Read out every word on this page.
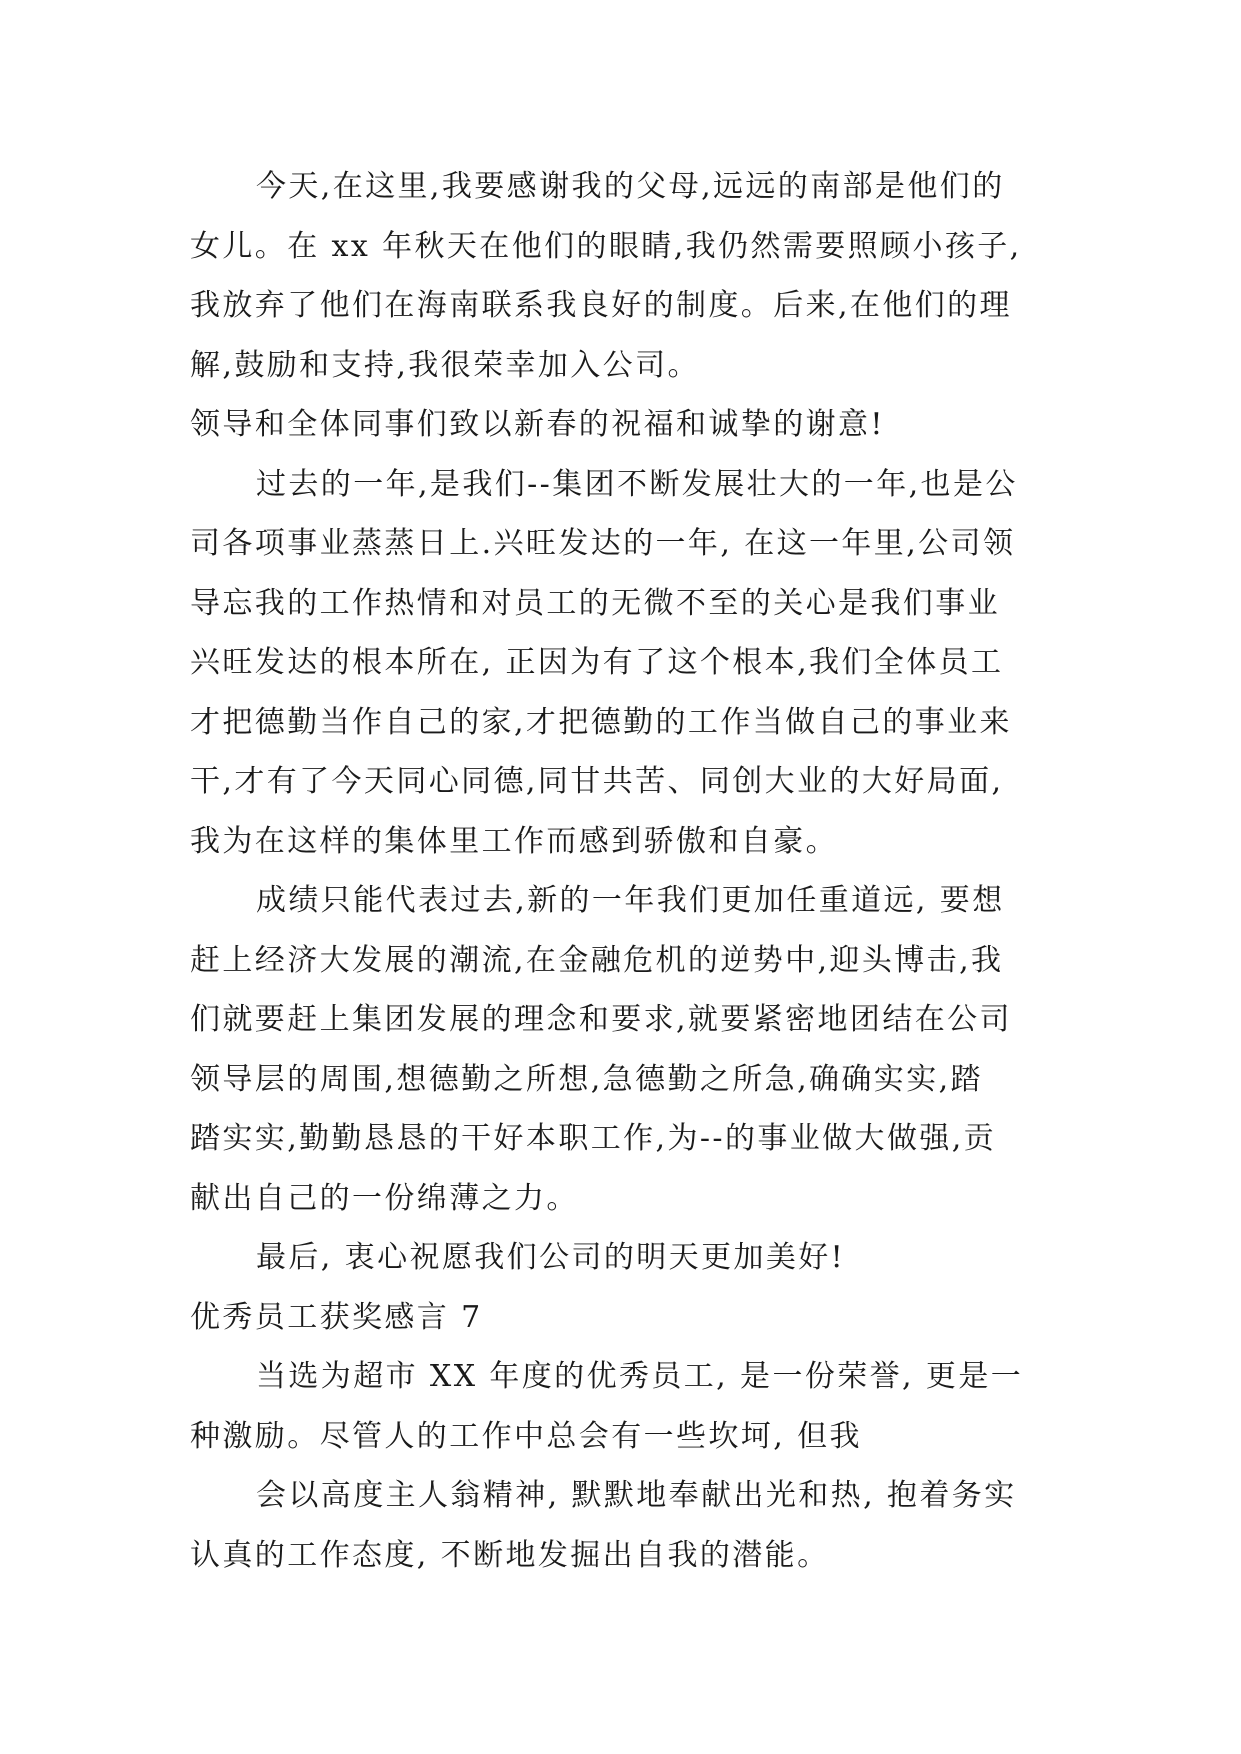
今天,在这里,我要感谢我的父母,远远的南部是他们的
女儿。在 xx 年秋天在他们的眼睛,我仍然需要照顾小孩子,
我放弃了他们在海南联系我良好的制度。后来,在他们的理
解,鼓励和支持,我很荣幸加入公司。
领导和全体同事们致以新春的祝福和诚挚的谢意!
过去的一年,是我们--集团不断发展壮大的一年,也是公
司各项事业蒸蒸日上.兴旺发达的一年, 在这一年里,公司领
导忘我的工作热情和对员工的无微不至的关心是我们事业
兴旺发达的根本所在, 正因为有了这个根本,我们全体员工
才把德勤当作自己的家,才把德勤的工作当做自己的事业来
干,才有了今天同心同德,同甘共苦、同创大业的大好局面,
我为在这样的集体里工作而感到骄傲和自豪。
成绩只能代表过去,新的一年我们更加任重道远, 要想
赶上经济大发展的潮流,在金融危机的逆势中,迎头博击,我
们就要赶上集团发展的理念和要求,就要紧密地团结在公司
领导层的周围,想德勤之所想,急德勤之所急,确确实实,踏
踏实实,勤勤恳恳的干好本职工作,为--的事业做大做强,贡
献出自己的一份绵薄之力。
最后, 衷心祝愿我们公司的明天更加美好!
优秀员工获奖感言 7
当选为超市 XX 年度的优秀员工, 是一份荣誉, 更是一
种激励。尽管人的工作中总会有一些坎坷, 但我
会以高度主人翁精神, 默默地奉献出光和热, 抱着务实
认真的工作态度, 不断地发掘出自我的潜能。
